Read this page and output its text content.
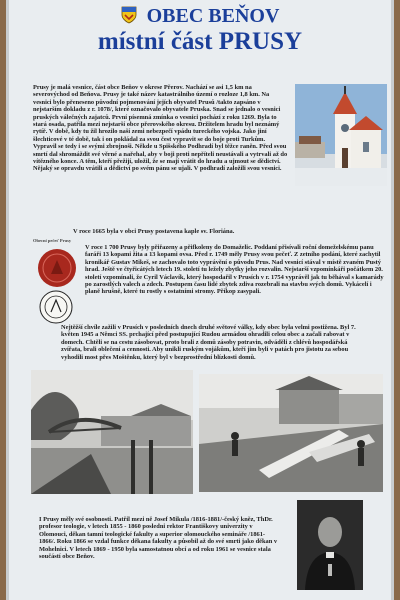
OBEC BEŇOV
místní část PRUSY

Prusy je malá vesnice, část obce Beňov v okrese Přerov. Nachází se asi 1,5 km na severovýchod od Beňova. Prusy je také název katastrálního území o rozloze 1,8 km. Na vesnici bylo přeneseno původní pojmenování jejích obyvatel Prusů /takto zapsáno v nejstarším dokladu z r. 1078/, které označovalo obyvatele Pruska. Snad se jednalo o vesnici pruských válečných zajatců. První písemná zmínka o vesnici pochází z roku 1269. Byla to stará osada, patřila mezi nejstarší obce přerovského okresu. Držitelem hradu byl neznámý rytíř. V době, kdy tu žil hrozilo naší zemi nebezpečí vpádu tureckého vojska. Jako jiní šlechticové v té době, tak i on pokládal za svou čest vypravit se do boje proti Turkům. Vypravil se tedy i se svými zbrojnoši. Někde u Spišského Podhradí byl těžce raněn. Před svou smrtí dal shromáždit své věrné a nařehal, aby v boji proti nepříteli neustávali a vytrvali až do vítězného konce. A těm, kteří přežijí, uložil, že se mají vrátit do hradu a ujmout se dědictví. Nějaký se opravdu vrátili a dědictví po svém pánu se ujali. V podhradí založili svou vesnici.

V roce 1665 byla v obci Prusy postavena kaple sv. Floriána.

Obecní pečeť Prusy

V roce 1 700 Prusy byly přiřazeny a přifkoleny do Domaželic. Poddaní přisívali roční domeželskému panu faráři 13 kopami žita a 13 kopami ovsa. Před r. 1749 měly Prusy svou pečeť. Z zetního podání, které zachytil kronikář Gustav Mikeš, se zachovalo toto vyprávění o původu Prus. Nad vesnicí stával v místě zvaném Pustý hrad. Ještě ve čtyřicátých letech 19. století tu ležely zbytky jeho rozvalin. Nejstarší vzpomínkáři počátkem 20. století vzpomínali, že Cyril Václavík, který hospodařil v Prusích v r. 1754 vyprávěl jak tu běhával s kamarády po zarostlých valech a zdech. Postupem času lidé zbytek zdiva rozebrali na stavbu svých domů. Vykácelí i planě hrušně, které tu rostly s ostatními stromy. Příkop zasypali.

Nejtěžší chvíle zažili v Prusích v posledních dnech druhé světové války, kdy obec byla velmi postižena. Byl 7. květen 1945 a Němci SS. prchající před postupující Rudou armádou ohradili celou obec a začali rabovat v domech. Chtěli se na cestu zásobovat, proto brali z domů zásoby potravin, odváděli z chlévů hospodářská zvířata, brali oblečení a cennosti. Aby unikli ruským vojákům, kteří jim byli v patách pro jistotu za sebou vyhodili most přes Moštěnku, který byl v bezprostřední blízkosti domů.

I Prusy měly své osobnosti. Patřil mezi ně Josef Mikula /1816-1881/-český kněz, ThDr. profesor teologie, v letech 1855 - 1860 posledni rektor Františkovy univerzity v Olomouci, děkan tamní teologické fakulty a superior olomouckého semináře /1861-1866/. Roku 1866 se vzdal funkce děkana fakulty a působil až do své smrti jako děkan v Mohelnici. V letech 1869 - 1950 byla samostatnou obcí a od roku 1961 se vesnice stala součástí obce Beňov.
